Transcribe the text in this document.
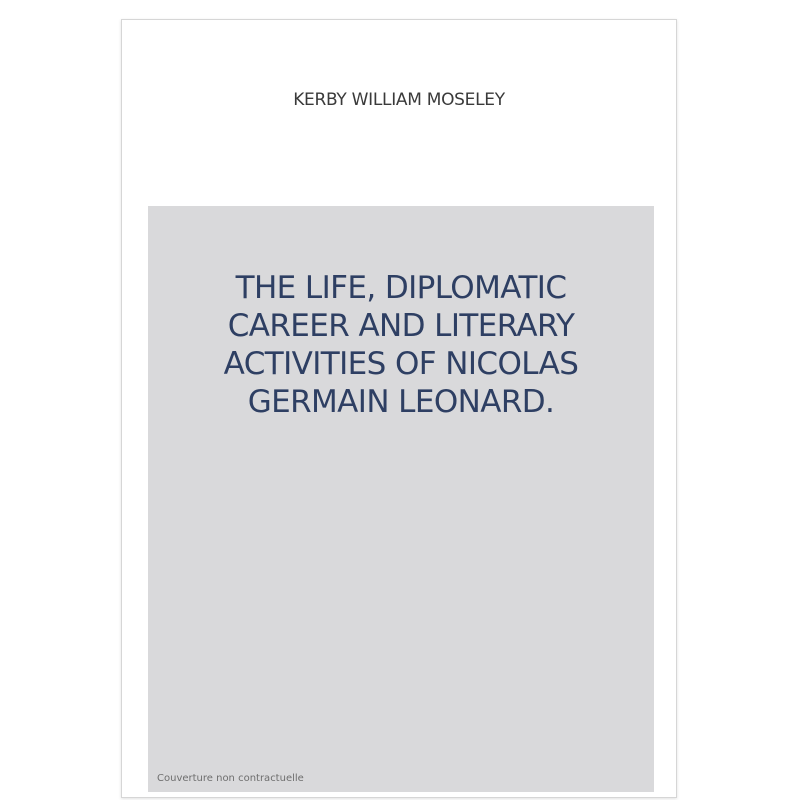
KERBY WILLIAM MOSELEY
THE LIFE, DIPLOMATIC
CAREER AND LITERARY
ACTIVITIES OF NICOLAS
GERMAIN LEONARD.
Couverture non contractuelle
